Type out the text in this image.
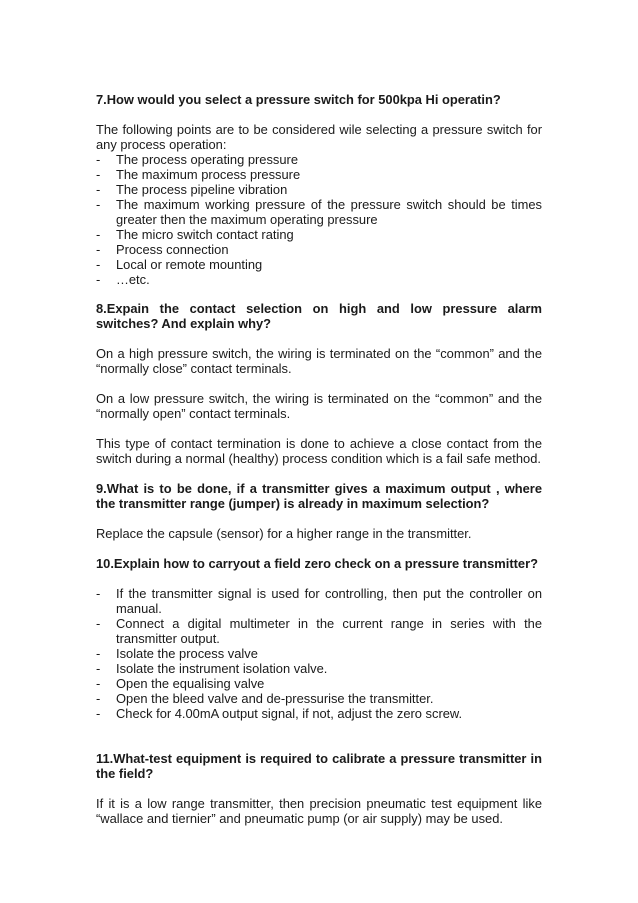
7.How would you select a pressure switch for 500kpa Hi operatin?

The following points are to be considered wile selecting a pressure switch for any process operation:

- The process operating pressure
- The maximum process pressure
- The process pipeline vibration
- The maximum working pressure of the pressure switch should be times greater then the maximum operating pressure
- The micro switch contact rating
- Process connection
- Local or remote mounting
- …etc.

8.Expain the contact selection on high and low pressure alarm switches? And explain why?

On a high pressure switch, the wiring is terminated on the “common” and the “normally close” contact terminals.

On a low pressure switch, the wiring is terminated on the “common” and the “normally open” contact terminals.

This type of contact termination is done to achieve a close contact from the switch during a normal (healthy) process condition which is a fail safe method.

9.What is to be done, if a transmitter gives a maximum output , where the transmitter range (jumper) is already in maximum selection?

Replace the capsule (sensor) for a higher range in the transmitter.

10.Explain how to carryout a field zero check on a pressure transmitter?

- If the transmitter signal is used for controlling, then put the controller on manual.
- Connect a digital multimeter in the current range in series with the transmitter output.
- Isolate the process valve
- Isolate the instrument isolation valve.
- Open the equalising valve
- Open the bleed valve and de-pressurise the transmitter.
- Check for 4.00mA output signal, if not, adjust the zero screw.

11.What-test equipment is required to calibrate a pressure transmitter in the field?

If it is a low range transmitter, then precision pneumatic test equipment like “wallace and tiernier” and pneumatic pump (or air supply) may be used.
